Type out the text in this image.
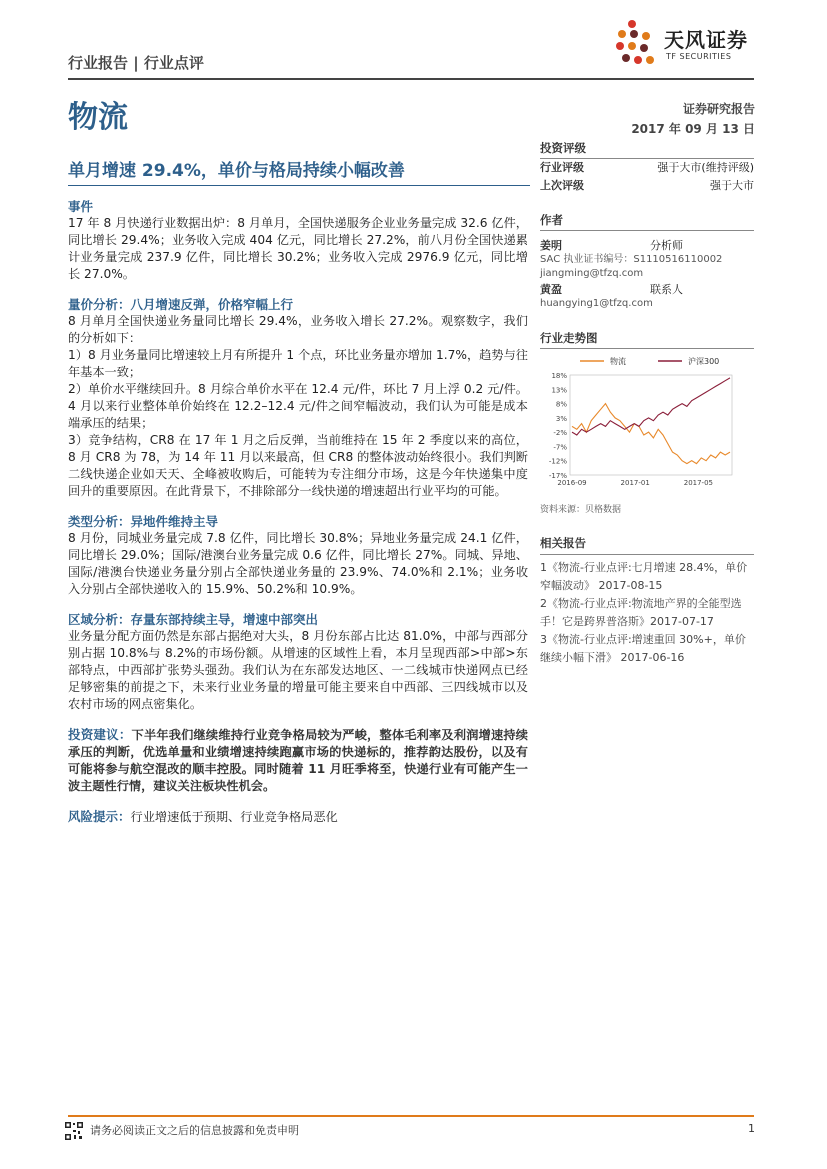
行业报告 | 行业点评
天风证券
TF SECURITIES
物流	证券研究报告
2017 年 09 月 13 日
单月增速 29.4%，单价与格局持续小幅改善
事件

17 年 8 月快递行业数据出炉：8 月单月，全国快递服务企业业务量完成 32.6 亿件，同比增长 29.4%；业务收入完成 404 亿元，同比增长 27.2%，前八月份全国快递累计业务量完成 237.9 亿件，同比增长 30.2%；业务收入完成 2976.9 亿元，同比增长 27.0%。

量价分析：八月增速反弹，价格窄幅上行

8 月单月全国快递业务量同比增长 29.4%，业务收入增长 27.2%。观察数字，我们的分析如下：
1）8 月业务量同比增速较上月有所提升 1 个点，环比业务量亦增加 1.7%，趋势与往年基本一致；
2）单价水平继续回升。8 月综合单价水平在 12.4 元/件，环比 7 月上浮 0.2 元/件。4 月以来行业整体单价始终在 12.2–12.4 元/件之间窄幅波动，我们认为可能是成本端承压的结果；
3）竞争结构，CR8 在 17 年 1 月之后反弹，当前维持在 15 年 2 季度以来的高位，8 月 CR8 为 78，为 14 年 11 月以来最高，但 CR8 的整体波动始终很小。我们判断二线快递企业如天天、全峰被收购后，可能转为专注细分市场，这是今年快递集中度回升的重要原因。在此背景下，不排除部分一线快递的增速超出行业平均的可能。

类型分析：异地件维持主导

8 月份，同城业务量完成 7.8 亿件，同比增长 30.8%；异地业务量完成 24.1 亿件，同比增长 29.0%；国际/港澳台业务量完成 0.6 亿件，同比增长 27%。同城、异地、国际/港澳台快递业务量分别占全部快递业务量的 23.9%、74.0%和 2.1%；业务收入分别占全部快递收入的 15.9%、50.2%和 10.9%。

区域分析：存量东部持续主导，增速中部突出

业务量分配方面仍然是东部占据绝对大头，8 月份东部占比达 81.0%，中部与西部分别占据 10.8%与 8.2%的市场份额。从增速的区域性上看，本月呈现西部>中部>东部特点，中西部扩张势头强劲。我们认为在东部发达地区、一二线城市快递网点已经足够密集的前提之下，未来行业业务量的增量可能主要来自中西部、三四线城市以及农村市场的网点密集化。

投资建议：下半年我们继续维持行业竞争格局较为严峻，整体毛利率及利润增速持续承压的判断，优选单量和业绩增速持续跑赢市场的快递标的，推荐韵达股份，以及有可能将参与航空混改的顺丰控股。同时随着 11 月旺季将至，快递行业有可能产生一波主题性行情，建议关注板块性机会。

风险提示：行业增速低于预期、行业竞争格局恶化

投资评级
行业评级	强于大市(维持评级)
上次评级	强于大市
作者
姜明	分析师
SAC 执业证书编号：S1110516110002
jiangming@tfzq.com
黄盈	联系人
huangying1@tfzq.com
行业走势图
物流	沪深300
18%
13%
8%
3%
-2%
-7%
-12%
-17%
2016-09	2017-01	2017-05
资料来源：贝格数据
相关报告
1《物流-行业点评:七月增速 28.4%，单价窄幅波动》 2017-08-15
2《物流-行业点评:物流地产界的全能型选手！它是跨界普洛斯》2017-07-17
3《物流-行业点评:增速重回 30%+，单价继续小幅下滑》 2017-06-16
请务必阅读正文之后的信息披露和免责申明	1
